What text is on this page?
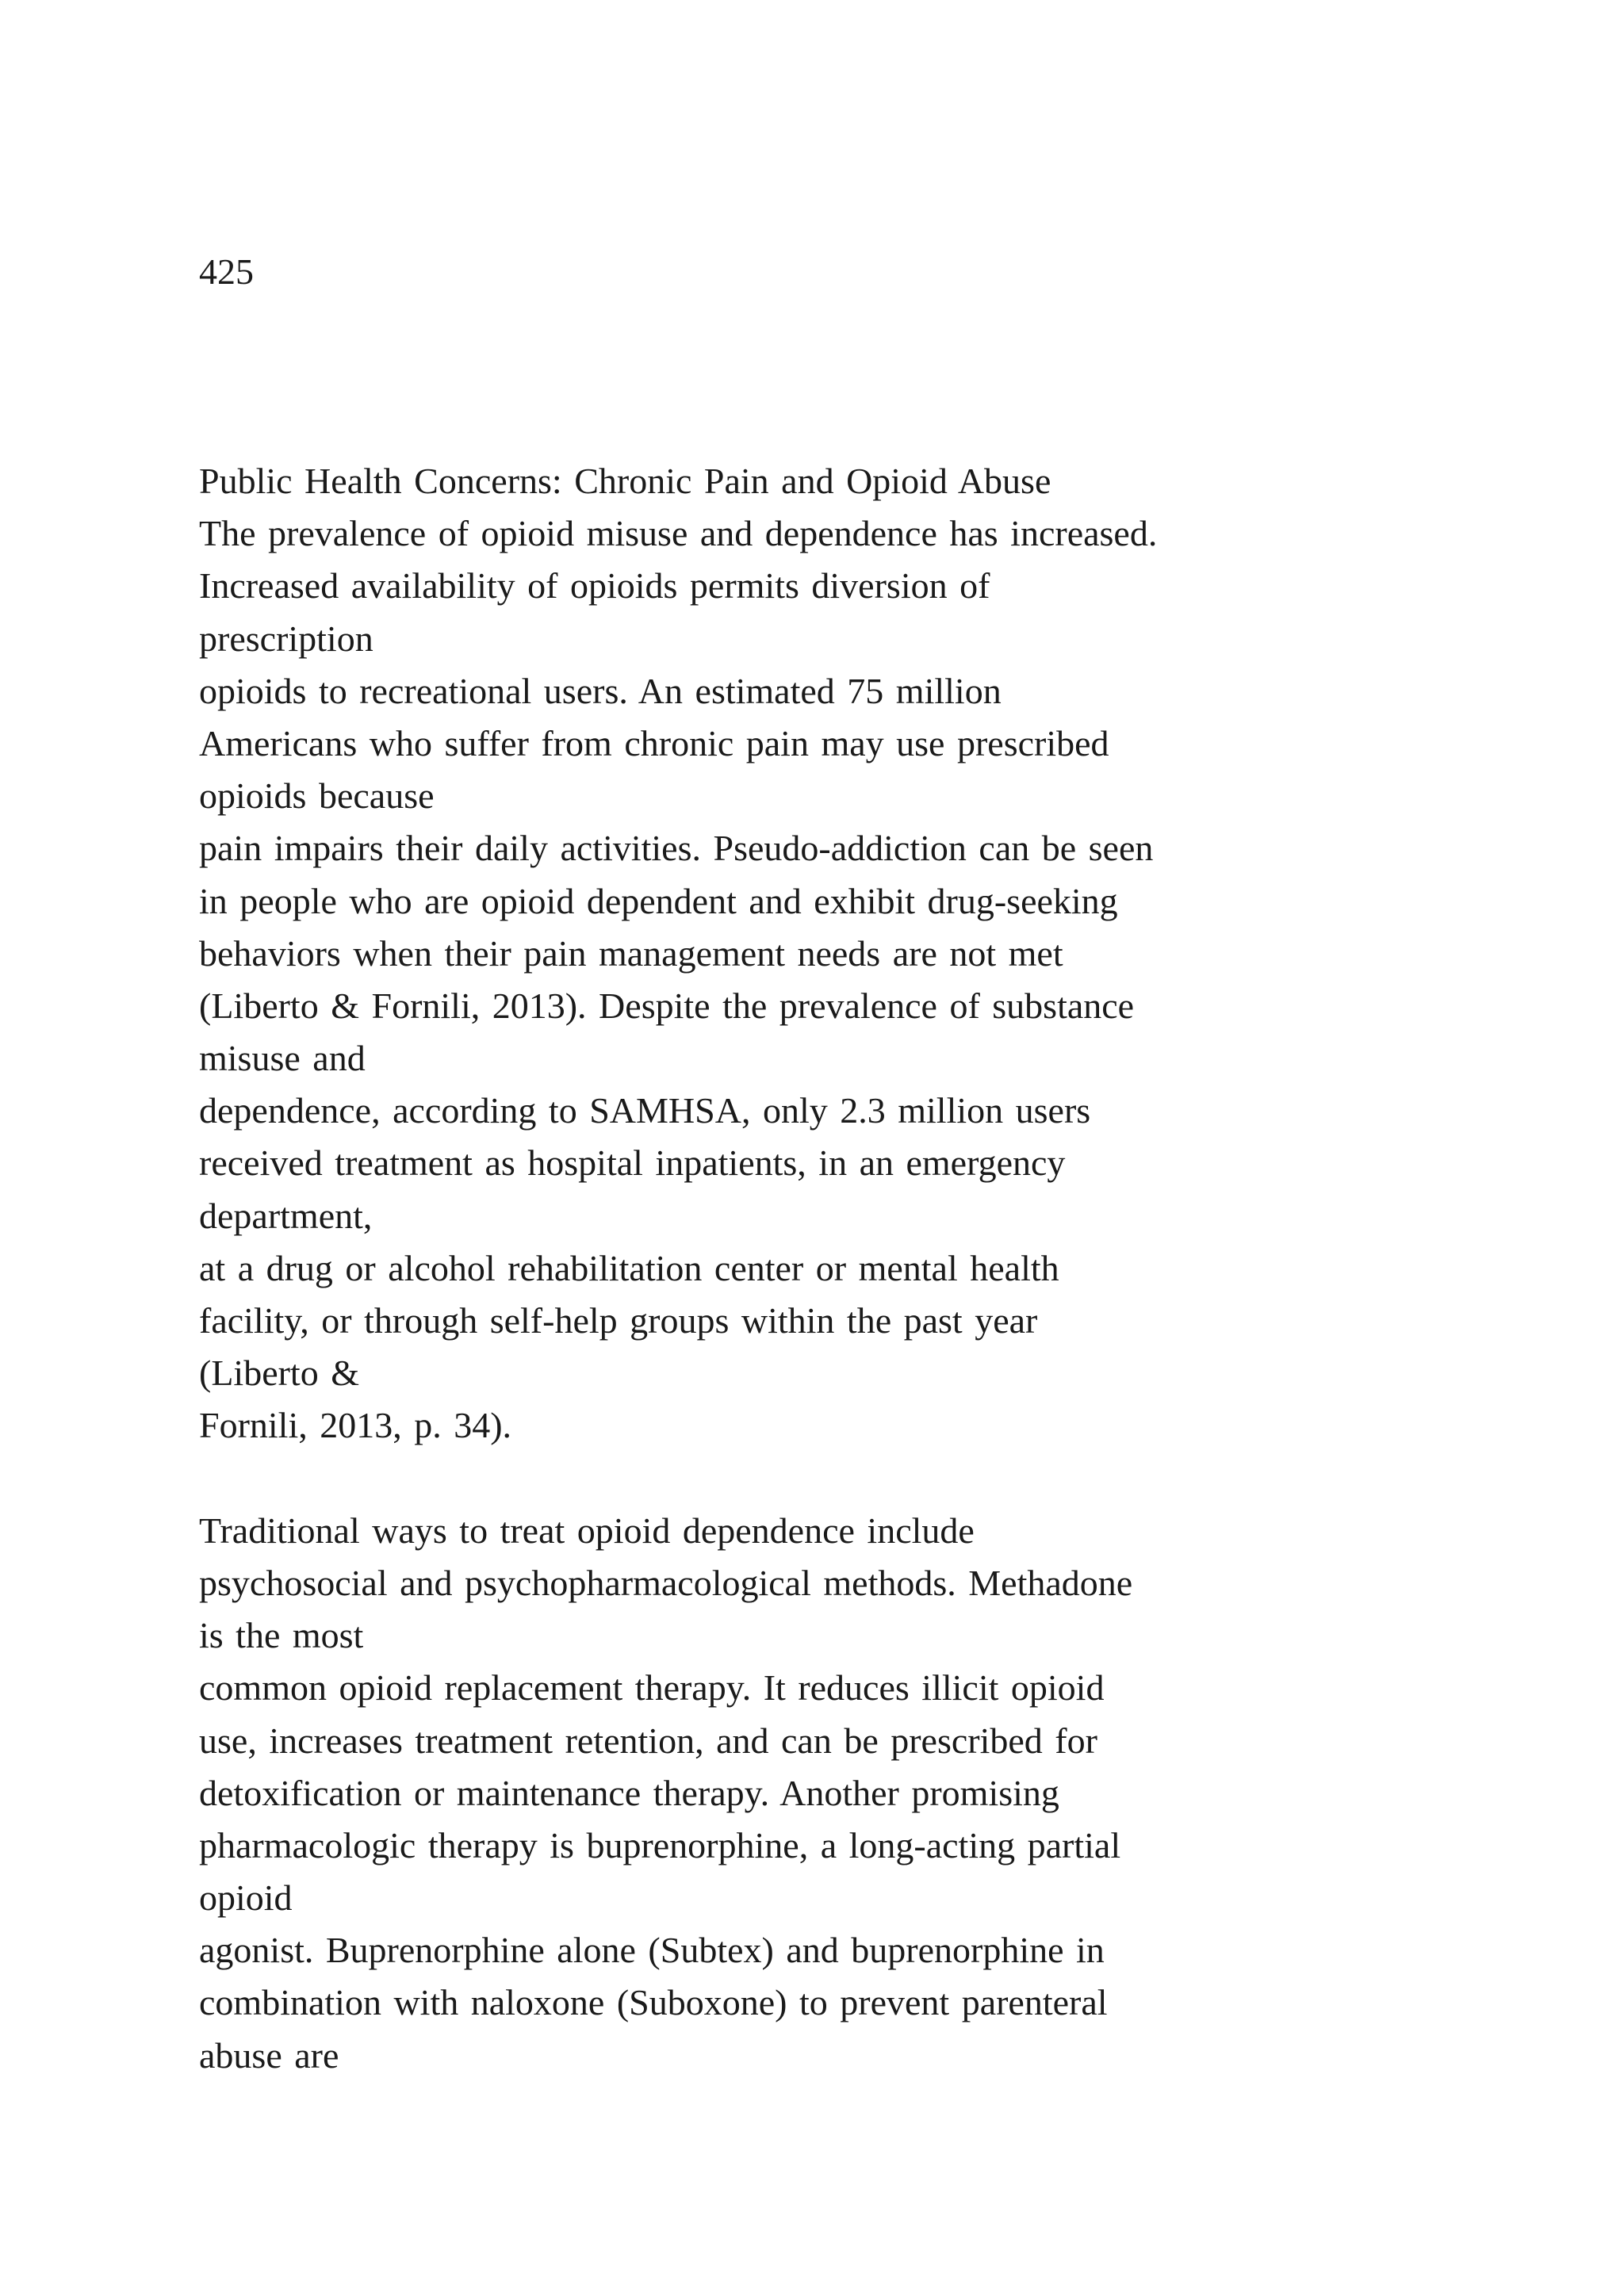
425

Public Health Concerns: Chronic Pain and Opioid Abuse
The prevalence of opioid misuse and dependence has increased.
Increased availability of opioids permits diversion of
prescription
opioids to recreational users. An estimated 75 million
Americans who suffer from chronic pain may use prescribed
opioids because
pain impairs their daily activities. Pseudo-addiction can be seen
in people who are opioid dependent and exhibit drug-seeking
behaviors when their pain management needs are not met
(Liberto & Fornili, 2013). Despite the prevalence of substance
misuse and
dependence, according to SAMHSA, only 2.3 million users
received treatment as hospital inpatients, in an emergency
department,
at a drug or alcohol rehabilitation center or mental health
facility, or through self-help groups within the past year
(Liberto &
Fornili, 2013, p. 34).
Traditional ways to treat opioid dependence include
psychosocial and psychopharmacological methods. Methadone
is the most
common opioid replacement therapy. It reduces illicit opioid
use, increases treatment retention, and can be prescribed for
detoxification or maintenance therapy. Another promising
pharmacologic therapy is buprenorphine, a long-acting partial
opioid
agonist. Buprenorphine alone (Subtex) and buprenorphine in
combination with naloxone (Suboxone) to prevent parenteral
abuse are
